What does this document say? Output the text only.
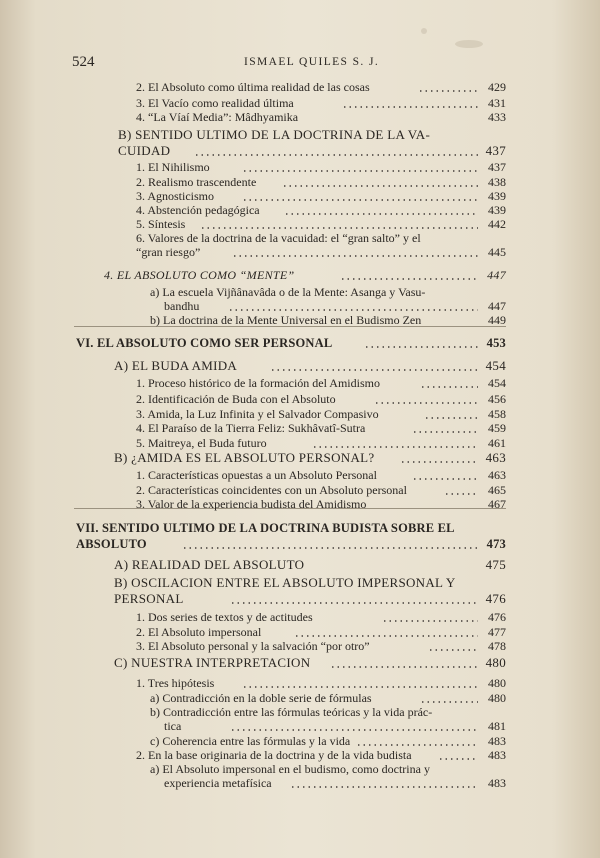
524	ISMAEL QUILES S. J.
2. El Absoluto como última realidad de las cosas	429
3. El Vacío como realidad última	431
4. “La Víaí Media”: Mâdhyamika	433
B) SENTIDO ULTIMO DE LA DOCTRINA DE LA VA-
CUIDAD	437
1. El Nihilismo	437
2. Realismo trascendente	438
3. Agnosticismo	439
4. Abstención pedagógica	439
5. Síntesis	442
6. Valores de la doctrina de la vacuidad: el “gran salto” y el
“gran riesgo”	445
4. EL ABSOLUTO COMO “MENTE”	447
a) La escuela Vijñânavâda o de la Mente: Asanga y Vasu-
bandhu	447
b) La doctrina de la Mente Universal en el Budismo Zen	449
VI. EL ABSOLUTO COMO SER PERSONAL	453
A) EL BUDA AMIDA	454
1. Proceso histórico de la formación del Amidismo	454
2. Identificación de Buda con el Absoluto	456
3. Amida, la Luz Infinita y el Salvador Compasivo	458
4. El Paraíso de la Tierra Feliz: Sukhâvatî-Sutra	459
5. Maitreya, el Buda futuro	461
B) ¿AMIDA ES EL ABSOLUTO PERSONAL?	463
1. Características opuestas a un Absoluto Personal	463
2. Características coincidentes con un Absoluto personal	465
3. Valor de la experiencia budista del Amidismo	467
VII. SENTIDO ULTIMO DE LA DOCTRINA BUDISTA SOBRE EL
ABSOLUTO	473
A) REALIDAD DEL ABSOLUTO	475
B) OSCILACION ENTRE EL ABSOLUTO IMPERSONAL Y
PERSONAL	476
1. Dos series de textos y de actitudes	476
2. El Absoluto impersonal	477
3. El Absoluto personal y la salvación “por otro”	478
C) NUESTRA INTERPRETACION	480
1. Tres hipótesis	480
a) Contradicción en la doble serie de fórmulas	480
b) Contradicción entre las fórmulas teóricas y la vida prác-
tica	481
c) Coherencia entre las fórmulas y la vida	483
2. En la base originaria de la doctrina y de la vida budista	483
a) El Absoluto impersonal en el budismo, como doctrina y
experiencia metafísica	483
